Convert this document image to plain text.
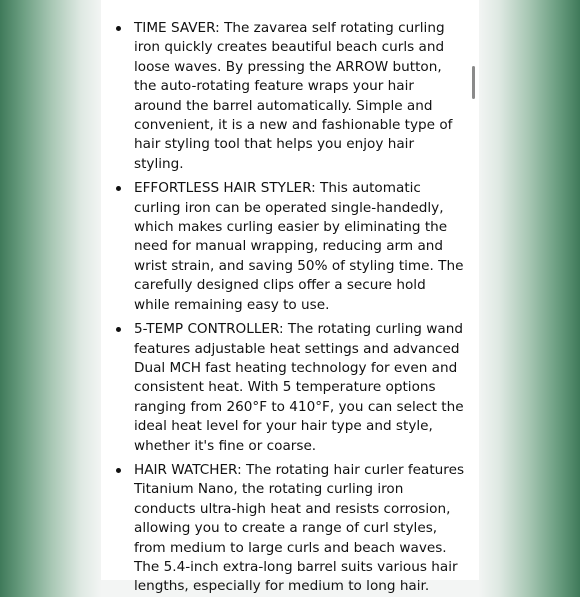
TIME SAVER: The zavarea self rotating curling iron quickly creates beautiful beach curls and loose waves. By pressing the ARROW button, the auto-rotating feature wraps your hair around the barrel automatically. Simple and convenient, it is a new and fashionable type of hair styling tool that helps you enjoy hair styling.
EFFORTLESS HAIR STYLER: This automatic curling iron can be operated single-handedly, which makes curling easier by eliminating the need for manual wrapping, reducing arm and wrist strain, and saving 50% of styling time. The carefully designed clips offer a secure hold while remaining easy to use.
5-TEMP CONTROLLER: The rotating curling wand features adjustable heat settings and advanced Dual MCH fast heating technology for even and consistent heat. With 5 temperature options ranging from 260°F to 410°F, you can select the ideal heat level for your hair type and style, whether it's fine or coarse.
HAIR WATCHER: The rotating hair curler features Titanium Nano, the rotating curling iron conducts ultra-high heat and resists corrosion, allowing you to create a range of curl styles, from medium to large curls and beach waves. The 5.4-inch extra-long barrel suits various hair lengths, especially for medium to long hair.
